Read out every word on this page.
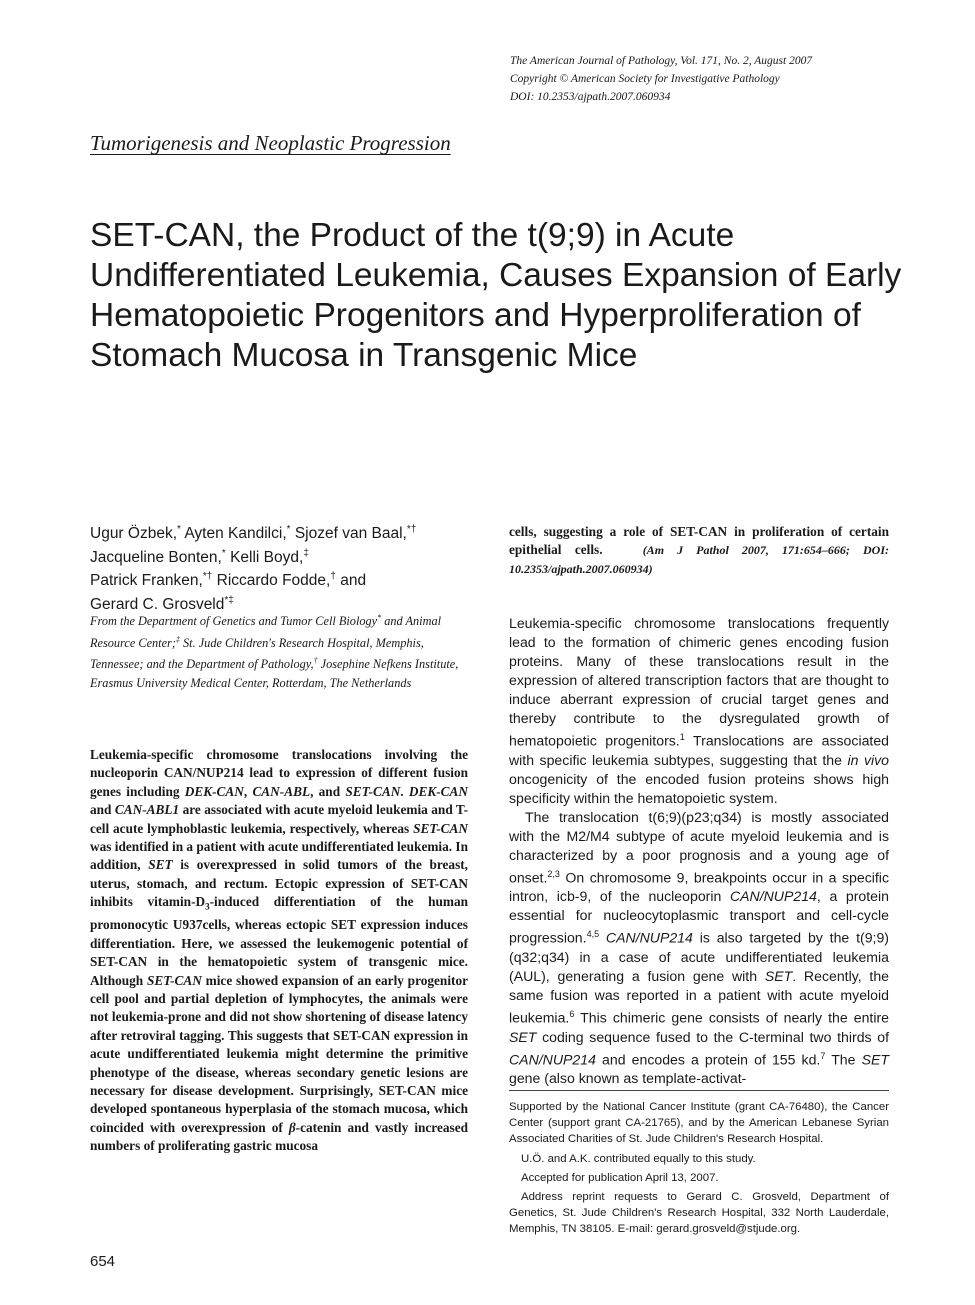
The American Journal of Pathology, Vol. 171, No. 2, August 2007
Copyright © American Society for Investigative Pathology
DOI: 10.2353/ajpath.2007.060934
Tumorigenesis and Neoplastic Progression
SET-CAN, the Product of the t(9;9) in Acute Undifferentiated Leukemia, Causes Expansion of Early Hematopoietic Progenitors and Hyperproliferation of Stomach Mucosa in Transgenic Mice
Ugur Özbek,* Ayten Kandilci,* Sjozef van Baal,*†
Jacqueline Bonten,* Kelli Boyd,‡
Patrick Franken,*† Riccardo Fodde,† and
Gerard C. Grosveld*‡
From the Department of Genetics and Tumor Cell Biology* and Animal Resource Center;‡ St. Jude Children's Research Hospital, Memphis, Tennessee; and the Department of Pathology,† Josephine Nefkens Institute, Erasmus University Medical Center, Rotterdam, The Netherlands
Leukemia-specific chromosome translocations involving the nucleoporin CAN/NUP214 lead to expression of different fusion genes including DEK-CAN, CAN-ABL, and SET-CAN. DEK-CAN and CAN-ABL1 are associated with acute myeloid leukemia and T-cell acute lymphoblastic leukemia, respectively, whereas SET-CAN was identified in a patient with acute undifferentiated leukemia. In addition, SET is overexpressed in solid tumors of the breast, uterus, stomach, and rectum. Ectopic expression of SET-CAN inhibits vitamin-$D_3$-induced differentiation of the human promonocytic U937cells, whereas ectopic SET expression induces differentiation. Here, we assessed the leukemogenic potential of SET-CAN in the hematopoietic system of transgenic mice. Although SET-CAN mice showed expansion of an early progenitor cell pool and partial depletion of lymphocytes, the animals were not leukemia-prone and did not show shortening of disease latency after retroviral tagging. This suggests that SET-CAN expression in acute undifferentiated leukemia might determine the primitive phenotype of the disease, whereas secondary genetic lesions are necessary for disease development. Surprisingly, SET-CAN mice developed spontaneous hyperplasia of the stomach mucosa, which coincided with overexpression of β-catenin and vastly increased numbers of proliferating gastric mucosa
cells, suggesting a role of SET-CAN in proliferation of certain epithelial cells.	(Am J Pathol 2007, 171:654–666; DOI: 10.2353/ajpath.2007.060934)

Leukemia-specific chromosome translocations frequently lead to the formation of chimeric genes encoding fusion proteins. Many of these translocations result in the expression of altered transcription factors that are thought to induce aberrant expression of crucial target genes and thereby contribute to the dysregulated growth of hematopoietic progenitors.$^1$ Translocations are associated with specific leukemia subtypes, suggesting that the in vivo oncogenicity of the encoded fusion proteins shows high specificity within the hematopoietic system.

The translocation t(6;9)(p23;q34) is mostly associated with the M2/M4 subtype of acute myeloid leukemia and is characterized by a poor prognosis and a young age of onset.$^{2,3}$ On chromosome 9, breakpoints occur in a specific intron, icb-9, of the nucleoporin CAN/NUP214, a protein essential for nucleocytoplasmic transport and cell-cycle progression.$^{4,5}$ CAN/NUP214 is also targeted by the t(9;9)(q32;q34) in a case of acute undifferentiated leukemia (AUL), generating a fusion gene with SET. Recently, the same fusion was reported in a patient with acute myeloid leukemia.$^6$ This chimeric gene consists of nearly the entire SET coding sequence fused to the C-terminal two thirds of CAN/NUP214 and encodes a protein of 155 kd.$^7$ The SET gene (also known as template-activat-

Supported by the National Cancer Institute (grant CA-76480), the Cancer Center (support grant CA-21765), and by the American Lebanese Syrian Associated Charities of St. Jude Children's Research Hospital.

U.Ö. and A.K. contributed equally to this study.

Accepted for publication April 13, 2007.

Address reprint requests to Gerard C. Grosveld, Department of Genetics, St. Jude Children's Research Hospital, 332 North Lauderdale, Memphis, TN 38105. E-mail: gerard.grosveld@stjude.org.

654
